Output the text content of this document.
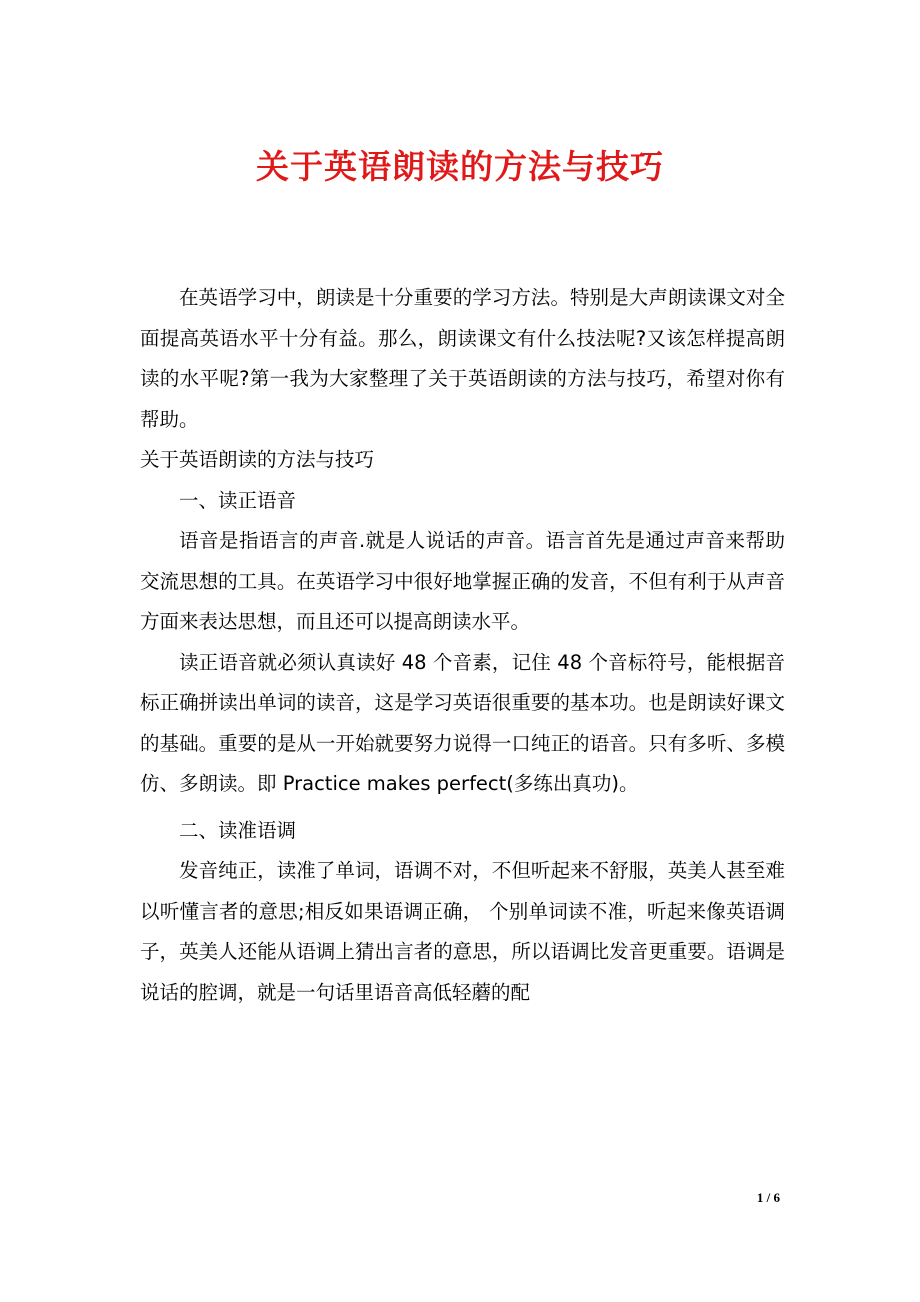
关于英语朗读的方法与技巧

在英语学习中，朗读是十分重要的学习方法。特别是大声朗读课文对全面提高英语水平十分有益。那么，朗读课文有什么技法呢?又该怎样提高朗读的水平呢?第一我为大家整理了关于英语朗读的方法与技巧，希望对你有帮助。

关于英语朗读的方法与技巧

一、读正语音

语音是指语言的声音.就是人说话的声音。语言首先是通过声音来帮助交流思想的工具。在英语学习中很好地掌握正确的发音，不但有利于从声音方面来表达思想，而且还可以提高朗读水平。

读正语音就必须认真读好 48 个音素，记住 48 个音标符号，能根据音标正确拼读出单词的读音，这是学习英语很重要的基本功。也是朗读好课文的基础。重要的是从一开始就要努力说得一口纯正的语音。只有多听、多模仿、多朗读。即 Practice makes perfect(多练出真功)。

二、读准语调

发音纯正，读准了单词，语调不对，不但听起来不舒服，英美人甚至难以听懂言者的意思;相反如果语调正确， 个别单词读不准，听起来像英语调子，英美人还能从语调上猜出言者的意思，所以语调比发音更重要。语调是说话的腔调，就是一句话里语音高低轻蘑的配

1 / 6
